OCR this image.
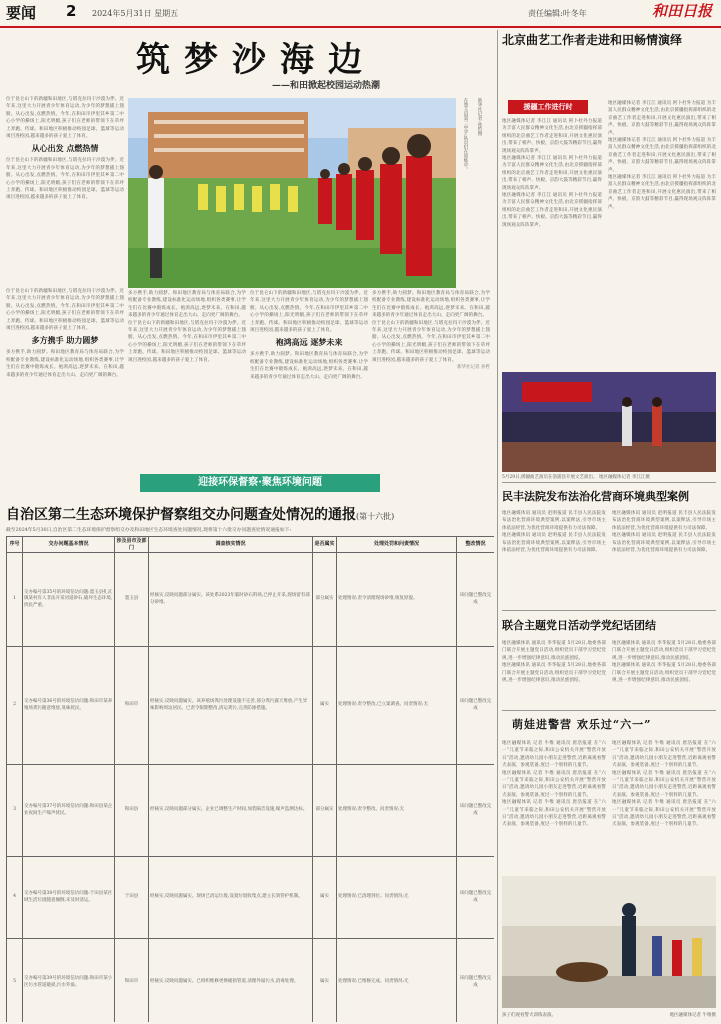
要闻 2 2024年5月31日 星期五	责任编辑:叶冬年	和田日报
筑梦沙海边
——和田掀起校园运动热潮
位于昆仑山下的新疆和田地区,与塔克拉玛干沙漠为伴。近年来,这里大力开展青少年体育运动,为少年的梦想插上翅膀。从心出发,点燃热情。今年,在和田市伊里其乡第二中心小学的操场上,阳光明媚,孩子们在老师的带领下在草坪上奔跑、传球。和田地区积极推动校园足球、篮球等运动项目进校园,越来越多的孩子爱上了体育。
从心出发 点燃热情
位于昆仑山下的新疆和田地区,与塔克拉玛干沙漠为伴。近年来,这里大力开展青少年体育运动,为少年的梦想插上翅膀。从心出发,点燃热情。今年,在和田市伊里其乡第二中心小学的操场上,阳光明媚,孩子们在老师的带领下在草坪上奔跑、传球。和田地区积极推动校园足球、篮球等运动项目进校园,越来越多的孩子爱上了体育。
位于昆仑山下的新疆和田地区,与塔克拉玛干沙漠为伴。近年来,这里大力开展青少年体育运动,为少年的梦想插上翅膀。从心出发,点燃热情。今年,在和田市伊里其乡第二中心小学的操场上,阳光明媚,孩子们在老师的带领下在草坪上奔跑、传球。和田地区积极推动校园足球、篮球等运动项目进校园,越来越多的孩子爱上了体育。
多方携手 助力圆梦
多方携手,助力圆梦。和田地区教育局与体育局联合,为学校配备专业教练,建设标准化运动场地,组织各类赛事,让学生们在比赛中锻炼成长。袍鸿高远,逐梦未来。在和田,越来越多的青少年通过体育走出大山、走向更广阔的舞台。
在墨玉县第二中学,队员们在训练中。	新华社记者 孙哲摄
多方携手,助力圆梦。和田地区教育局与体育局联合,为学校配备专业教练,建设标准化运动场地,组织各类赛事,让学生们在比赛中锻炼成长。袍鸿高远,逐梦未来。在和田,越来越多的青少年通过体育走出大山、走向更广阔的舞台。
位于昆仑山下的新疆和田地区,与塔克拉玛干沙漠为伴。近年来,这里大力开展青少年体育运动,为少年的梦想插上翅膀。从心出发,点燃热情。今年,在和田市伊里其乡第二中心小学的操场上,阳光明媚,孩子们在老师的带领下在草坪上奔跑、传球。和田地区积极推动校园足球、篮球等运动项目进校园,越来越多的孩子爱上了体育。
位于昆仑山下的新疆和田地区,与塔克拉玛干沙漠为伴。近年来,这里大力开展青少年体育运动,为少年的梦想插上翅膀。从心出发,点燃热情。今年,在和田市伊里其乡第二中心小学的操场上,阳光明媚,孩子们在老师的带领下在草坪上奔跑、传球。和田地区积极推动校园足球、篮球等运动项目进校园,越来越多的孩子爱上了体育。
袍鸿高远 逐梦未来
多方携手,助力圆梦。和田地区教育局与体育局联合,为学校配备专业教练,建设标准化运动场地,组织各类赛事,让学生们在比赛中锻炼成长。袍鸿高远,逐梦未来。在和田,越来越多的青少年通过体育走出大山、走向更广阔的舞台。
多方携手,助力圆梦。和田地区教育局与体育局联合,为学校配备专业教练,建设标准化运动场地,组织各类赛事,让学生们在比赛中锻炼成长。袍鸿高远,逐梦未来。在和田,越来越多的青少年通过体育走出大山、走向更广阔的舞台。
位于昆仑山下的新疆和田地区,与塔克拉玛干沙漠为伴。近年来,这里大力开展青少年体育运动,为少年的梦想插上翅膀。从心出发,点燃热情。今年,在和田市伊里其乡第二中心小学的操场上,阳光明媚,孩子们在老师的带领下在草坪上奔跑、传球。和田地区积极推动校园足球、篮球等运动项目进校园,越来越多的孩子爱上了体育。
新华社记者 孙哲
北京曲艺工作者走进和田畅情演绎
援疆工作进行时
地区融媒体记者 李江江 通讯员 阿卜杜外力报道 为丰富人民群众精神文化生活,由北京援疆指挥部组织的北京曲艺工作者走进和田,开展文化惠民演出,带来了相声、快板、京韵大鼓等精彩节目,赢得现场观众阵阵掌声。
地区融媒体记者 李江江 通讯员 阿卜杜外力报道 为丰富人民群众精神文化生活,由北京援疆指挥部组织的北京曲艺工作者走进和田,开展文化惠民演出,带来了相声、快板、京韵大鼓等精彩节目,赢得现场观众阵阵掌声。
地区融媒体记者 李江江 通讯员 阿卜杜外力报道 为丰富人民群众精神文化生活,由北京援疆指挥部组织的北京曲艺工作者走进和田,开展文化惠民演出,带来了相声、快板、京韵大鼓等精彩节目,赢得现场观众阵阵掌声。
地区融媒体记者 李江江 通讯员 阿卜杜外力报道 为丰富人民群众精神文化生活,由北京援疆指挥部组织的北京曲艺工作者走进和田,开展文化惠民演出,带来了相声、快板、京韵大鼓等精彩节目,赢得现场观众阵阵掌声。
地区融媒体记者 李江江 通讯员 阿卜杜外力报道 为丰富人民群众精神文化生活,由北京援疆指挥部组织的北京曲艺工作者走进和田,开展文化惠民演出,带来了相声、快板、京韵大鼓等精彩节目,赢得现场观众阵阵掌声。
地区融媒体记者 李江江 通讯员 阿卜杜外力报道 为丰富人民群众精神文化生活,由北京援疆指挥部组织的北京曲艺工作者走进和田,开展文化惠民演出,带来了相声、快板、京韵大鼓等精彩节目,赢得现场观众阵阵掌声。
5月29日,援疆曲艺演员在洛浦县开展文艺演出。 地区融媒体记者 李江江摄
民丰法院发布法治化营商环境典型案例
地区融媒体讯 通讯员 赵明报道 民丰县人民法院发布法治化营商环境典型案例,以案释法,引导市场主体依法经营,为优化营商环境提供有力司法保障。
地区融媒体讯 通讯员 赵明报道 民丰县人民法院发布法治化营商环境典型案例,以案释法,引导市场主体依法经营,为优化营商环境提供有力司法保障。
地区融媒体讯 通讯员 赵明报道 民丰县人民法院发布法治化营商环境典型案例,以案释法,引导市场主体依法经营,为优化营商环境提供有力司法保障。
地区融媒体讯 通讯员 赵明报道 民丰县人民法院发布法治化营商环境典型案例,以案释法,引导市场主体依法经营,为优化营商环境提供有力司法保障。
联合主题党日活动学党纪话团结
地区融媒体讯 通讯员 李华报道 5月28日,地委各部门联合开展主题党日活动,组织党员干部学习党纪党规,进一步增强纪律意识,推动民族团结。
地区融媒体讯 通讯员 李华报道 5月28日,地委各部门联合开展主题党日活动,组织党员干部学习党纪党规,进一步增强纪律意识,推动民族团结。
地区融媒体讯 通讯员 李华报道 5月28日,地委各部门联合开展主题党日活动,组织党员干部学习党纪党规,进一步增强纪律意识,推动民族团结。
地区融媒体讯 通讯员 李华报道 5月28日,地委各部门联合开展主题党日活动,组织党员干部学习党纪党规,进一步增强纪律意识,推动民族团结。
萌娃进警营 欢乐过“六一”
地区融媒体讯 记者 牛维 通讯员 唐浩报道 在“六一”儿童节来临之际,和田公安机关开展“警营开放日”活动,邀请幼儿园小朋友走进警营,近距离观看警犬表演、参观装备,度过一个别样的儿童节。
地区融媒体讯 记者 牛维 通讯员 唐浩报道 在“六一”儿童节来临之际,和田公安机关开展“警营开放日”活动,邀请幼儿园小朋友走进警营,近距离观看警犬表演、参观装备,度过一个别样的儿童节。
地区融媒体讯 记者 牛维 通讯员 唐浩报道 在“六一”儿童节来临之际,和田公安机关开展“警营开放日”活动,邀请幼儿园小朋友走进警营,近距离观看警犬表演、参观装备,度过一个别样的儿童节。
地区融媒体讯 记者 牛维 通讯员 唐浩报道 在“六一”儿童节来临之际,和田公安机关开展“警营开放日”活动,邀请幼儿园小朋友走进警营,近距离观看警犬表演、参观装备,度过一个别样的儿童节。
地区融媒体讯 记者 牛维 通讯员 唐浩报道 在“六一”儿童节来临之际,和田公安机关开展“警营开放日”活动,邀请幼儿园小朋友走进警营,近距离观看警犬表演、参观装备,度过一个别样的儿童节。
地区融媒体讯 记者 牛维 通讯员 唐浩报道 在“六一”儿童节来临之际,和田公安机关开展“警营开放日”活动,邀请幼儿园小朋友走进警营,近距离观看警犬表演、参观装备,度过一个别样的儿童节。
孩子们观看警犬训练表演。	地区融媒体记者 牛维摄
迎接环保督察·聚焦环境问题
自治区第二生态环境保护督察组交办问题查处情况的通报(第十六批)
截至2024年5月30日,自治区第二生态环境保护督察组交办及和田地区生态环境查处问题情况,现将第十六批交办问题查处情况通报如下:
序号	交办问题基本情况	涉及县市及部门	调查核实情况	是否属实	处理处罚和问责情况	整改情况
1	交办编号第35号的环境信访问题:墨玉县扎瓦镇某村有人非法开采河道砂石,破坏生态环境,扰民严重。	墨玉县	经核实,反映问题部分属实。该处系2023年临时砂石料场,已停止开采,现场留有部分砂堆。	部分属实	处理情况:责令清理现场砂堆,恢复原貌。	该问题已整改完成
2	交办编号第36号的环境信访问题:和田市某养殖场粪污随意堆放,臭味扰民。	和田市	经核实,反映问题属实。该养殖场粪污处理设施不完善,部分粪污露天堆放,产生异味影响周边居民。已责令限期整改,清运粪污,完善防渗措施。	属实	处理情况:责令整改,已立案调查。问责情况:无	该问题已整改完成
3	交办编号第37号的环境信访问题:和田县某企业夜间生产噪声扰民。	和田县	经核实,反映问题部分属实。企业已调整生产时间,加装隔音设施,噪声监测达标。	部分属实	处理情况:责令整改。问责情况:无	该问题已整改完成
4	交办编号第38号的环境信访问题:于田县某区域生活垃圾随意倾倒,未及时清运。	于田县	经核实,反映问题属实。现场已清运垃圾,设置垃圾收集点,建立长效管护机制。	属实	处理情况:已清理到位。问责情况:无	该问题已整改完成
5	交办编号第39号的环境信访问题:和田市某小区污水管道破损,污水外溢。	和田市	经核实,反映问题属实。已组织维修更换破损管道,清理外溢污水,消毒处理。	属实	处理情况:已维修完成。问责情况:无	该问题已整改完成
